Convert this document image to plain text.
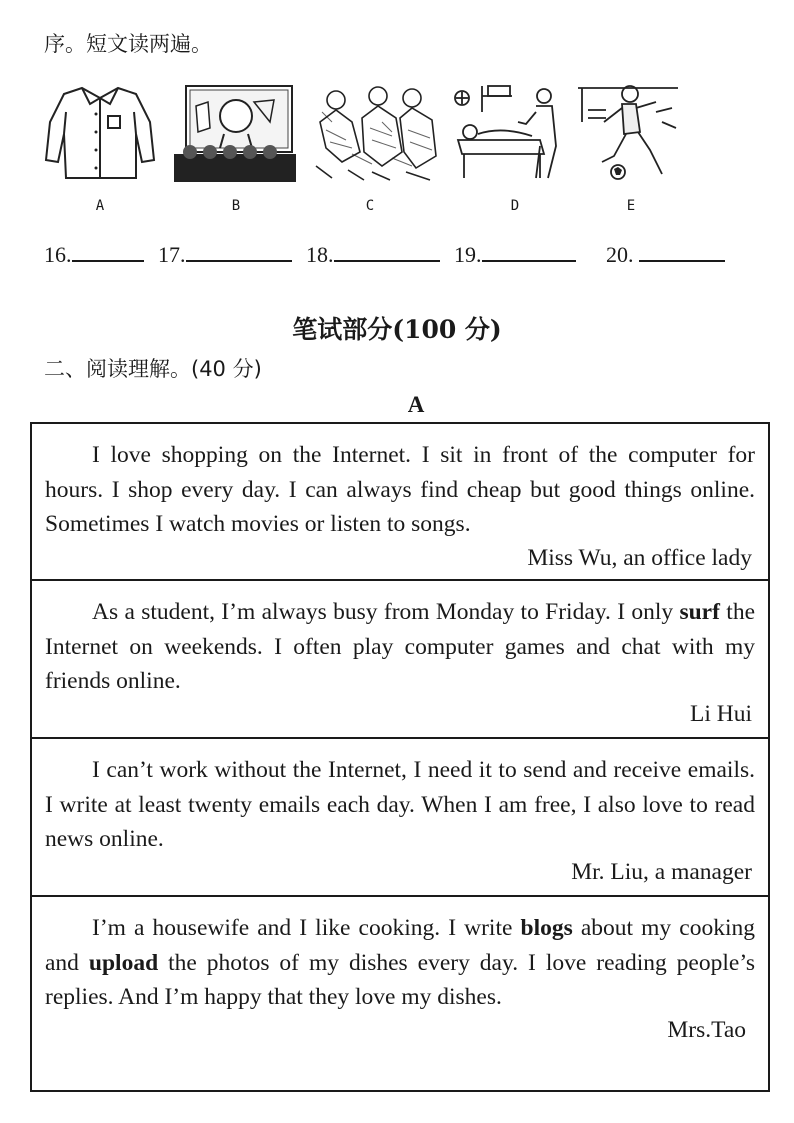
序。短文读两遍。
A	B	C	D	E
16.	17.	18.	19.	20.
笔试部分(100 分)
二、阅读理解。(40 分)
A
I love shopping on the Internet. I sit in front of the computer for hours. I shop every day. I can always find cheap but good things online. Sometimes I watch movies or listen to songs.
Miss Wu, an office lady
As a student, I’m always busy from Monday to Friday. I only surf the Internet on weekends. I often play computer games and chat with my friends online.
Li Hui
I can’t work without the Internet, I need it to send and receive emails. I write at least twenty emails each day. When I am free, I also love to read news online.
Mr. Liu, a manager
I’m a housewife and I like cooking. I write blogs about my cooking and upload the photos of my dishes every day. I love reading people’s replies. And I’m happy that they love my dishes.
Mrs.Tao
